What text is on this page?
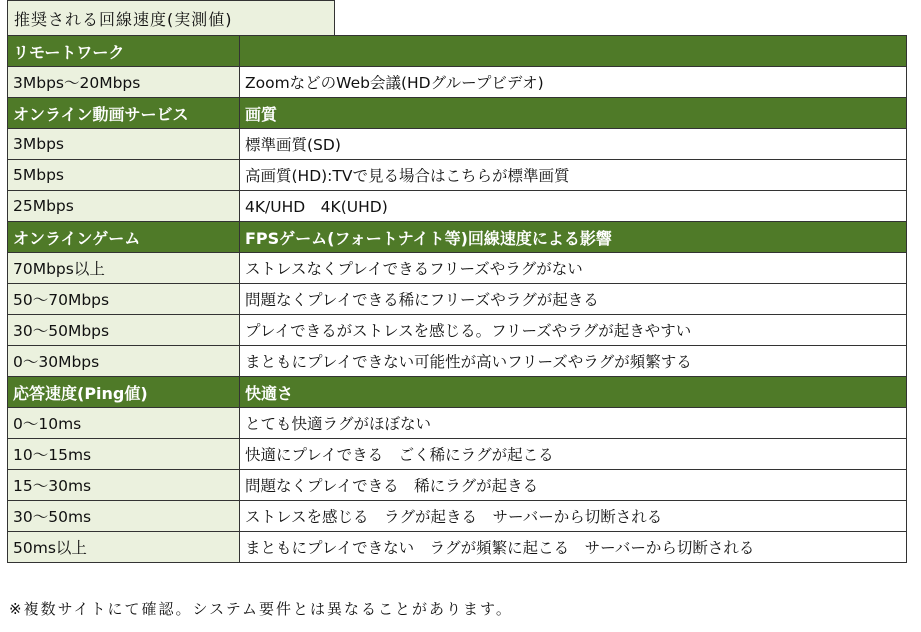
推奨される回線速度(実測値)
リモートワーク	
3Mbps～20Mbps	ZoomなどのWeb会議(HDグループビデオ)
オンライン動画サービス	画質
3Mbps	標準画質(SD)
5Mbps	高画質(HD):TVで見る場合はこちらが標準画質
25Mbps	4K/UHD　4K(UHD)
オンラインゲーム	FPSゲーム(フォートナイト等)回線速度による影響
70Mbps以上	ストレスなくプレイできるフリーズやラグがない
50～70Mbps	問題なくプレイできる稀にフリーズやラグが起きる
30～50Mbps	プレイできるがストレスを感じる。フリーズやラグが起きやすい
0～30Mbps	まともにプレイできない可能性が高いフリーズやラグが頻繁する
応答速度(Ping値)	快適さ
0～10ms	とても快適ラグがほぼない
10～15ms	快適にプレイできる　ごく稀にラグが起こる
15～30ms	問題なくプレイできる　稀にラグが起きる
30～50ms	ストレスを感じる　ラグが起きる　サーバーから切断される
50ms以上	まともにプレイできない　ラグが頻繁に起こる　サーバーから切断される
※複数サイトにて確認。システム要件とは異なることがあります。
